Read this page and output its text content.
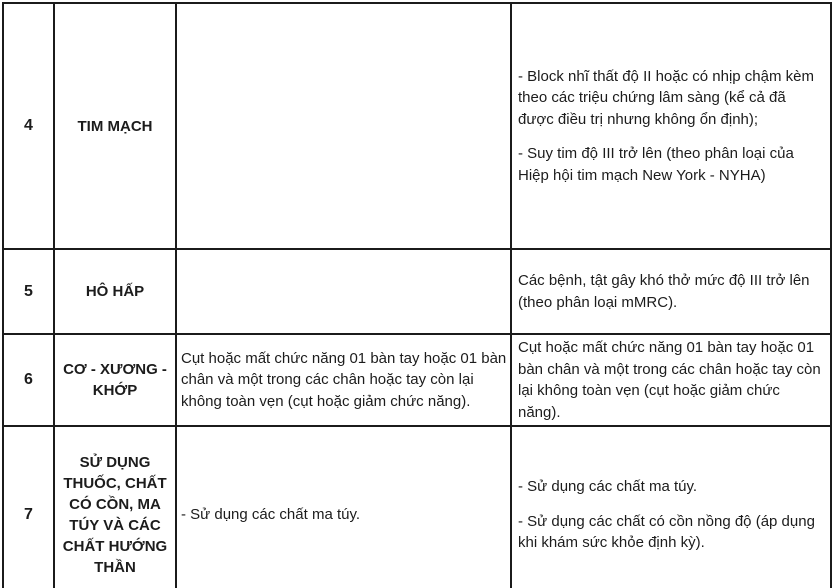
4	TIM MẠCH		- Block nhĩ thất độ II hoặc có nhịp chậm kèm theo các triệu chứng lâm sàng (kể cả đã được điều trị nhưng không ổn định);

- Suy tim độ III trở lên (theo phân loại của Hiệp hội tim mạch New York - NYHA)

5	HÔ HẤP		Các bệnh, tật gây khó thở mức độ III trở lên (theo phân loại mMRC).

6	CƠ - XƯƠNG - KHỚP	Cụt hoặc mất chức năng 01 bàn tay hoặc 01 bàn chân và một trong các chân hoặc tay còn lại không toàn vẹn (cụt hoặc giảm chức năng).	Cụt hoặc mất chức năng 01 bàn tay hoặc 01 bàn chân và một trong các chân hoặc tay còn lại không toàn vẹn (cụt hoặc giảm chức năng).

7	SỬ DỤNG THUỐC, CHẤT CÓ CỒN, MA TÚY VÀ CÁC CHẤT HƯỚNG THẦN	- Sử dụng các chất ma túy.	- Sử dụng các chất ma túy.

- Sử dụng các chất có cồn nồng độ (áp dụng khi khám sức khỏe định kỳ).
